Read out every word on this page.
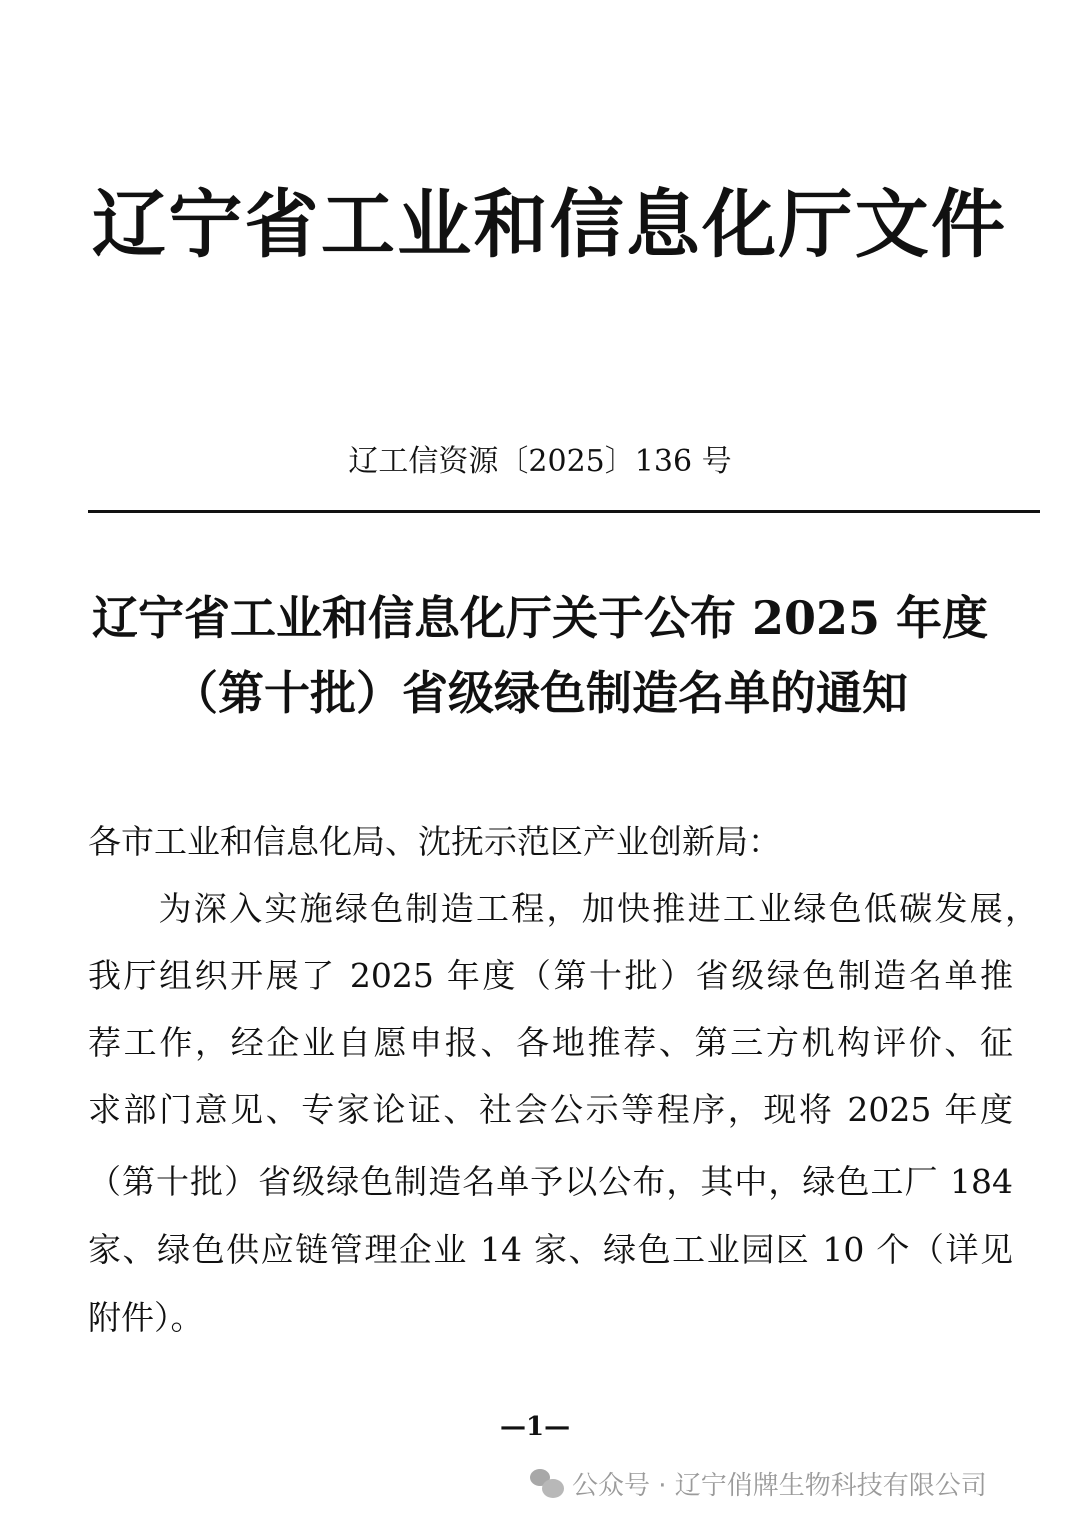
辽宁省工业和信息化厅文件
辽工信资源〔2025〕136 号
辽宁省工业和信息化厅关于公布 2025 年度
（第十批）省级绿色制造名单的通知
各市工业和信息化局、沈抚示范区产业创新局：
　　为深入实施绿色制造工程，加快推进工业绿色低碳发展，
我厅组织开展了 2025 年度（第十批）省级绿色制造名单推
荐工作，经企业自愿申报、各地推荐、第三方机构评价、征
求部门意见、专家论证、社会公示等程序，现将 2025 年度
（第十批）省级绿色制造名单予以公布，其中，绿色工厂 184
家、绿色供应链管理企业 14 家、绿色工业园区 10 个（详见
附件）。
—1—
公众号 · 辽宁俏牌生物科技有限公司
